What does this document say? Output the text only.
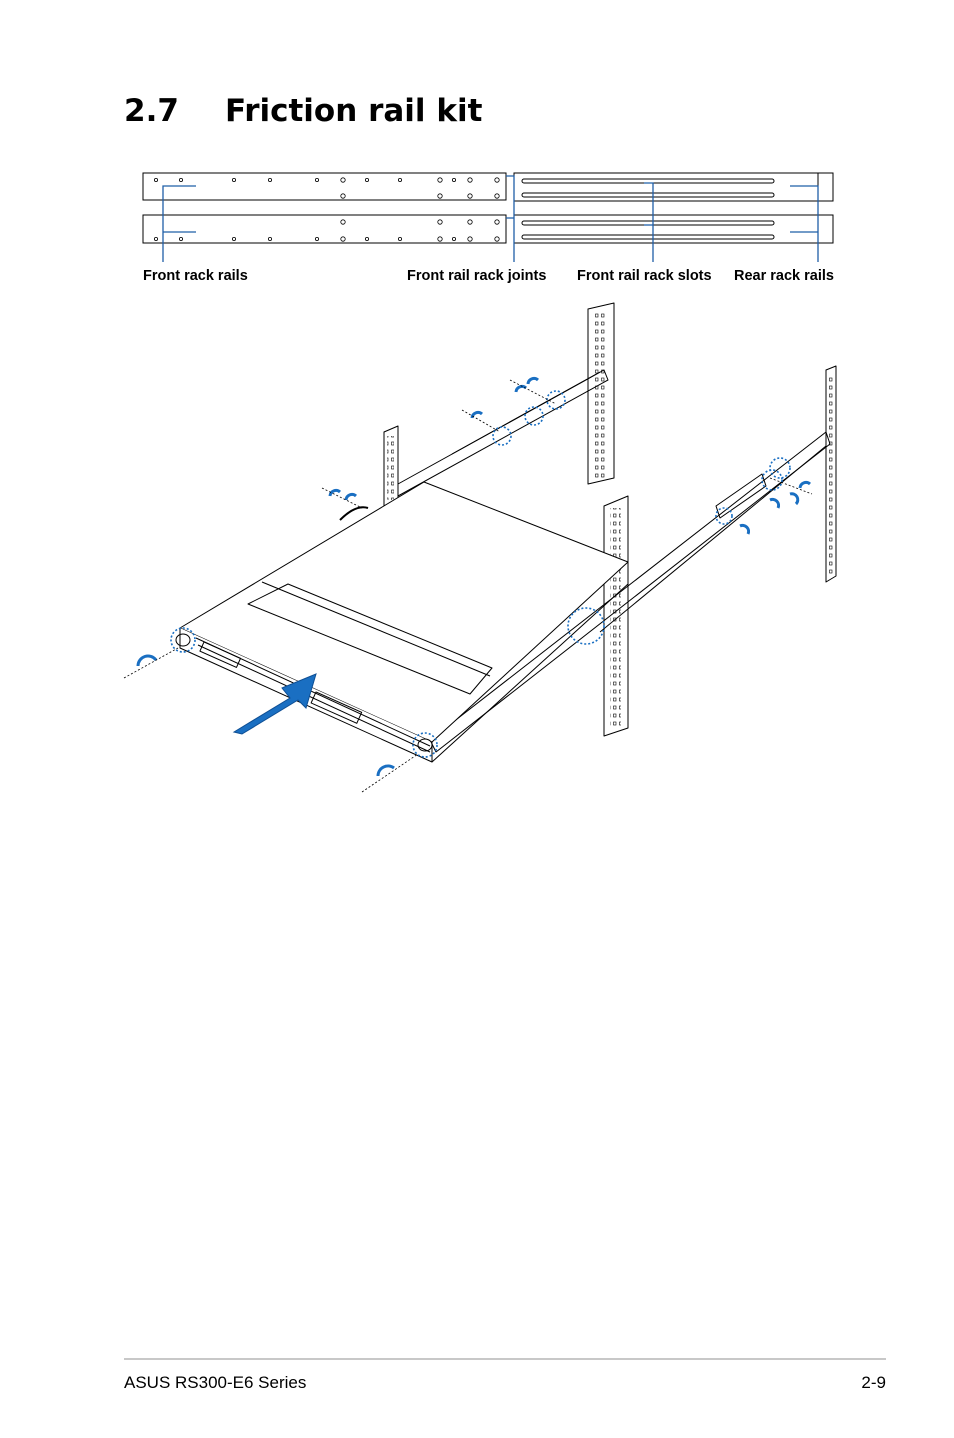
2.7 Friction rail kit
Front rack rails	Front rail rack joints Front rail rack slots Rear rack rails
ASUS RS300-E6 Series	2-9
